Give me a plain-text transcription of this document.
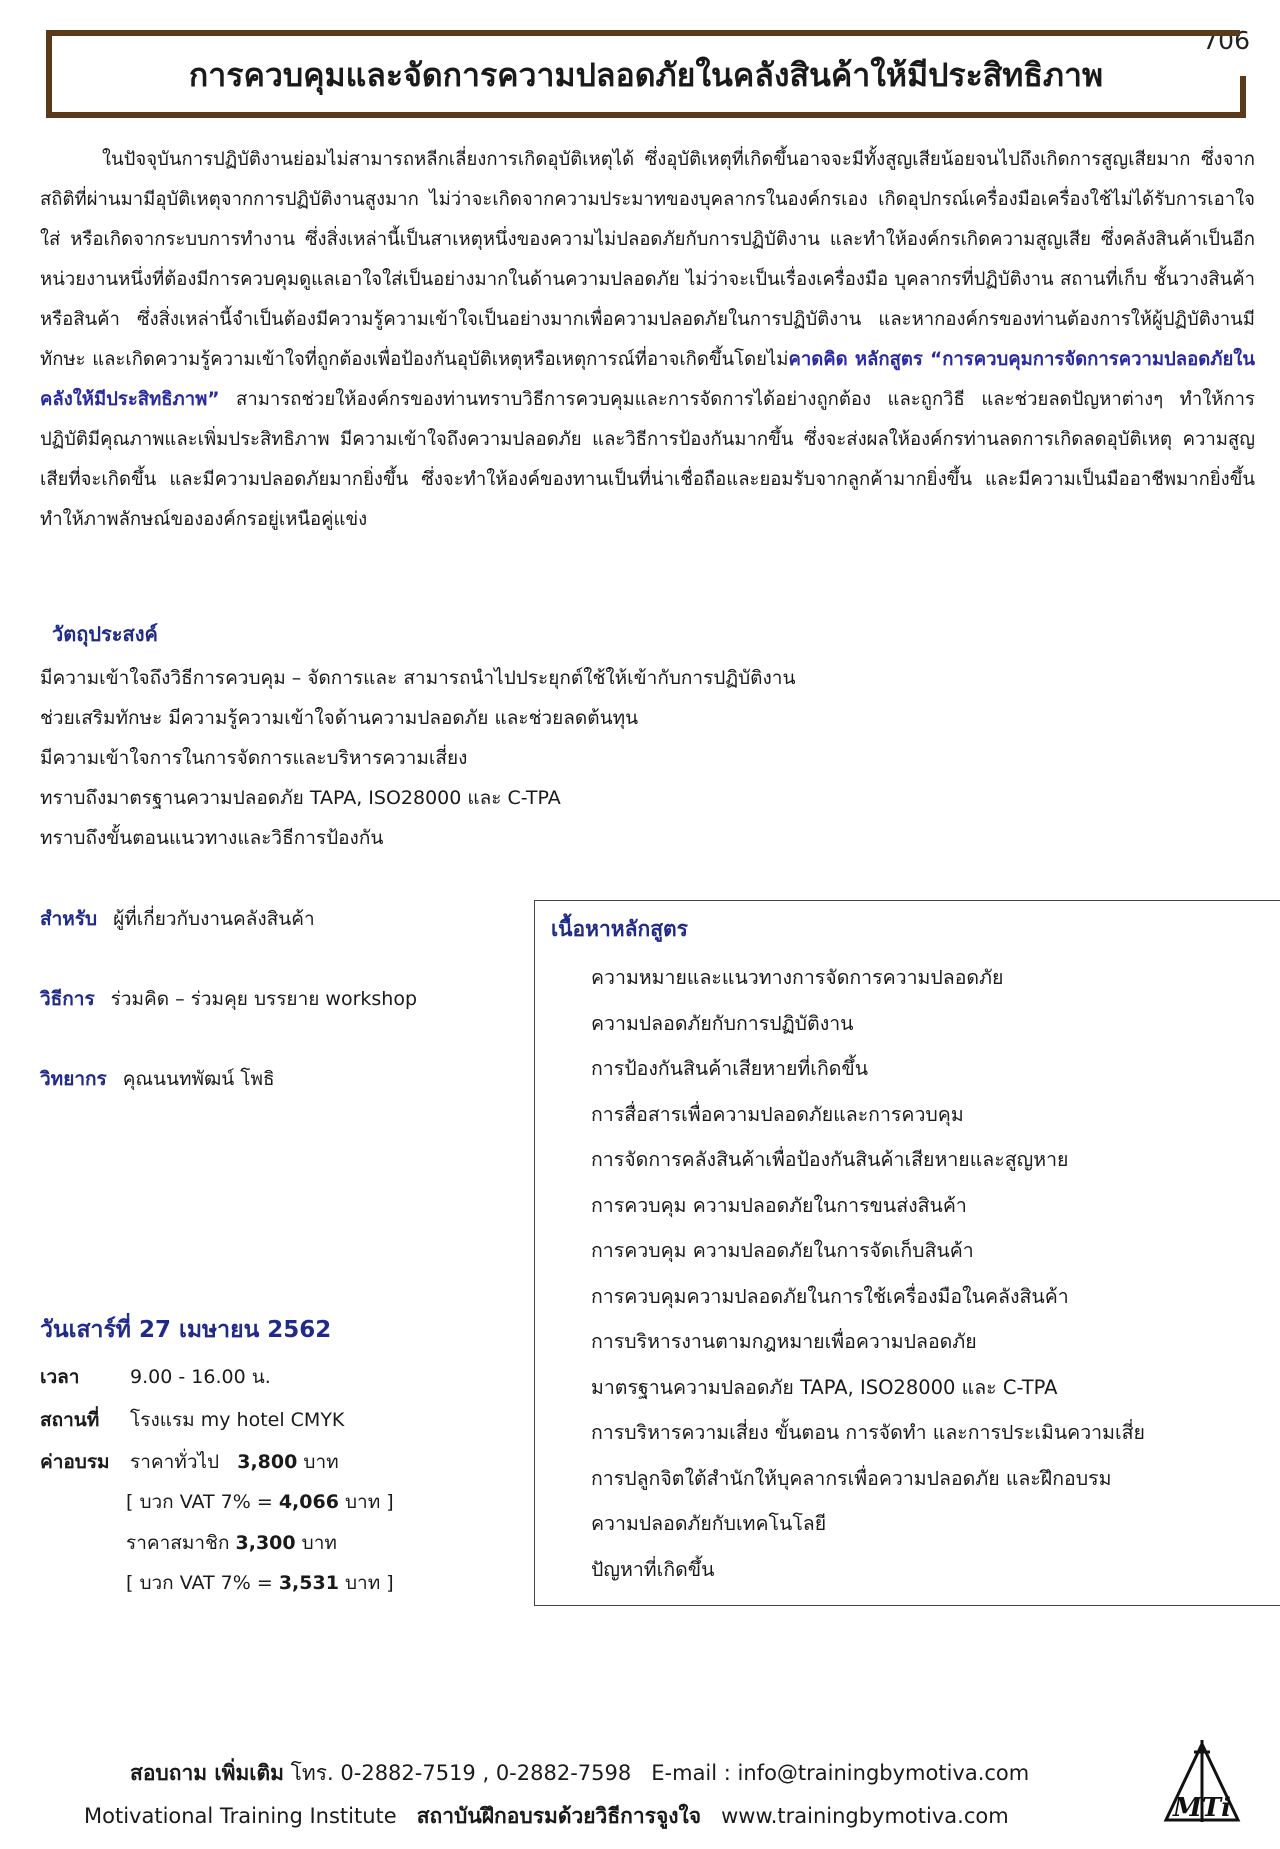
706
การควบคุมและจัดการความปลอดภัยในคลังสินค้าให้มีประสิทธิภาพ
ในปัจจุบันการปฏิบัติงานย่อมไม่สามารถหลีกเลี่ยงการเกิดอุบัติเหตุได้ ซึ่งอุบัติเหตุที่เกิดขึ้นอาจจะมีทั้งสูญเสียน้อยจนไปถึงเกิดการสูญเสียมาก ซึ่งจากสถิติที่ผ่านมามีอุบัติเหตุจากการปฏิบัติงานสูงมาก ไม่ว่าจะเกิดจากความประมาทของบุคลากรในองค์กรเอง เกิดอุปกรณ์เครื่องมือเครื่องใช้ไม่ได้รับการเอาใจใส่ หรือเกิดจากระบบการทำงาน ซึ่งสิ่งเหล่านี้เป็นสาเหตุหนึ่งของความไม่ปลอดภัยกับการปฏิบัติงาน และทำให้องค์กรเกิดความสูญเสีย ซึ่งคลังสินค้าเป็นอีกหน่วยงานหนึ่งที่ต้องมีการควบคุมดูแลเอาใจใส่เป็นอย่างมากในด้านความปลอดภัย ไม่ว่าจะเป็นเรื่องเครื่องมือ บุคลากรที่ปฏิบัติงาน สถานที่เก็บ ชั้นวางสินค้า หรือสินค้า ซึ่งสิ่งเหล่านี้จำเป็นต้องมีความรู้ความเข้าใจเป็นอย่างมากเพื่อความปลอดภัยในการปฏิบัติงาน และหากองค์กรของท่านต้องการให้ผู้ปฏิบัติงานมีทักษะ และเกิดความรู้ความเข้าใจที่ถูกต้องเพื่อป้องกันอุบัติเหตุหรือเหตุการณ์ที่อาจเกิดขึ้นโดยไม่คาดคิด หลักสูตร “การควบคุมการจัดการความปลอดภัยในคลังให้มีประสิทธิภาพ” สามารถช่วยให้องค์กรของท่านทราบวิธีการควบคุมและการจัดการได้อย่างถูกต้อง และถูกวิธี และช่วยลดปัญหาต่างๆ ทำให้การปฏิบัติมีคุณภาพและเพิ่มประสิทธิภาพ มีความเข้าใจถึงความปลอดภัย และวิธีการป้องกันมากขึ้น ซึ่งจะส่งผลให้องค์กรท่านลดการเกิดลดอุบัติเหตุ ความสูญเสียที่จะเกิดขึ้น และมีความปลอดภัยมากยิ่งขึ้น ซึ่งจะทำให้องค์ของทานเป็นที่น่าเชื่อถือและยอมรับจากลูกค้ามากยิ่งขึ้น และมีความเป็นมืออาชีพมากยิ่งขึ้นทำให้ภาพลักษณ์ขององค์กรอยู่เหนือคู่แข่ง
วัตถุประสงค์
มีความเข้าใจถึงวิธีการควบคุม – จัดการและ สามารถนำไปประยุกต์ใช้ให้เข้ากับการปฏิบัติงาน
ช่วยเสริมทักษะ มีความรู้ความเข้าใจด้านความปลอดภัย และช่วยลดต้นทุน
มีความเข้าใจการในการจัดการและบริหารความเสี่ยง
ทราบถึงมาตรฐานความปลอดภัย TAPA, ISO28000 และ C-TPA
ทราบถึงขั้นตอนแนวทางและวิธีการป้องกัน
สำหรับ ผู้ที่เกี่ยวกับงานคลังสินค้า
วิธีการ ร่วมคิด – ร่วมคุย บรรยาย workshop
วิทยากร คุณนนทพัฒน์ โพธิ
เนื้อหาหลักสูตร
ความหมายและแนวทางการจัดการความปลอดภัย
ความปลอดภัยกับการปฏิบัติงาน
การป้องกันสินค้าเสียหายที่เกิดขึ้น
การสื่อสารเพื่อความปลอดภัยและการควบคุม
การจัดการคลังสินค้าเพื่อป้องกันสินค้าเสียหายและสูญหาย
การควบคุม ความปลอดภัยในการขนส่งสินค้า
การควบคุม ความปลอดภัยในการจัดเก็บสินค้า
การควบคุมความปลอดภัยในการใช้เครื่องมือในคลังสินค้า
การบริหารงานตามกฎหมายเพื่อความปลอดภัย
มาตรฐานความปลอดภัย TAPA, ISO28000 และ C-TPA
การบริหารความเสี่ยง ขั้นตอน การจัดทำ และการประเมินความเสี่ย
การปลูกจิตใต้สำนักให้บุคลากรเพื่อความปลอดภัย และฝึกอบรม
ความปลอดภัยกับเทคโนโลยี
ปัญหาที่เกิดขึ้น
วันเสาร์ที่ 27 เมษายน 2562
เวลา	9.00 - 16.00 น.
สถานที่ โรงแรม my hotel CMYK
ค่าอบรม ราคาทั่วไป 3,800 บาท
[ บวก VAT 7% = 4,066 บาท ]
ราคาสมาชิก 3,300 บาท
[ บวก VAT 7% = 3,531 บาท ]
สอบถาม เพิ่มเติม โทร. 0-2882-7519 , 0-2882-7598 E-mail : info@trainingbymotiva.com
Motivational Training Institute สถาบันฝึกอบรมด้วยวิธีการจูงใจ www.trainingbymotiva.com	MTi
